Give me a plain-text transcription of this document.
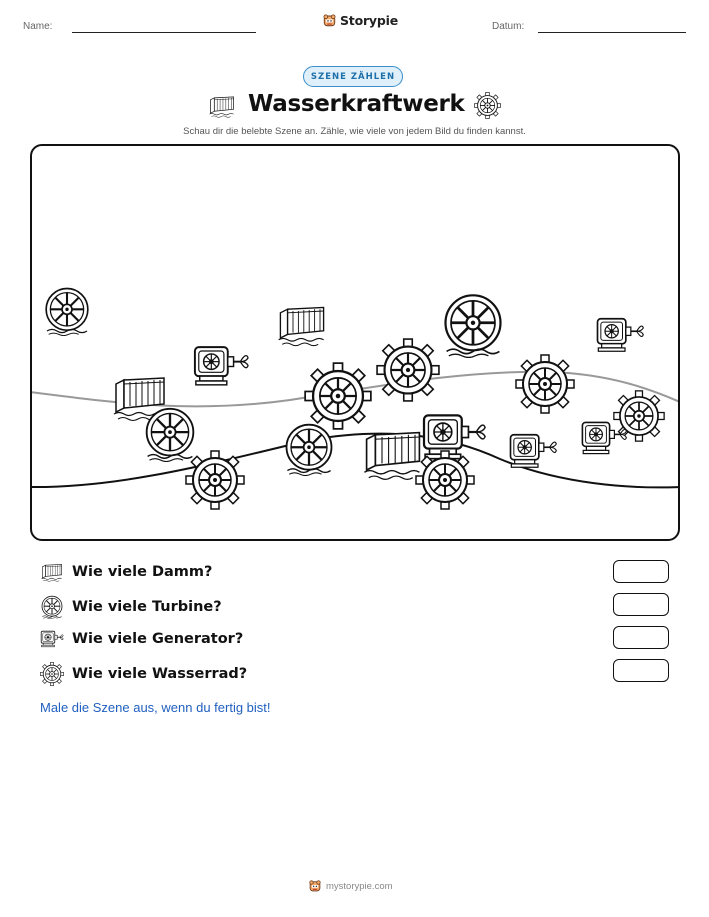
Name:	Storypie	Datum:
SZENE ZÄHLEN
Wasserkraftwerk
Schau dir die belebte Szene an. Zähle, wie viele von jedem Bild du finden kannst.
Wie viele Damm?
Wie viele Turbine?
Wie viele Generator?
Wie viele Wasserrad?
Male die Szene aus, wenn du fertig bist!
mystorypie.com
